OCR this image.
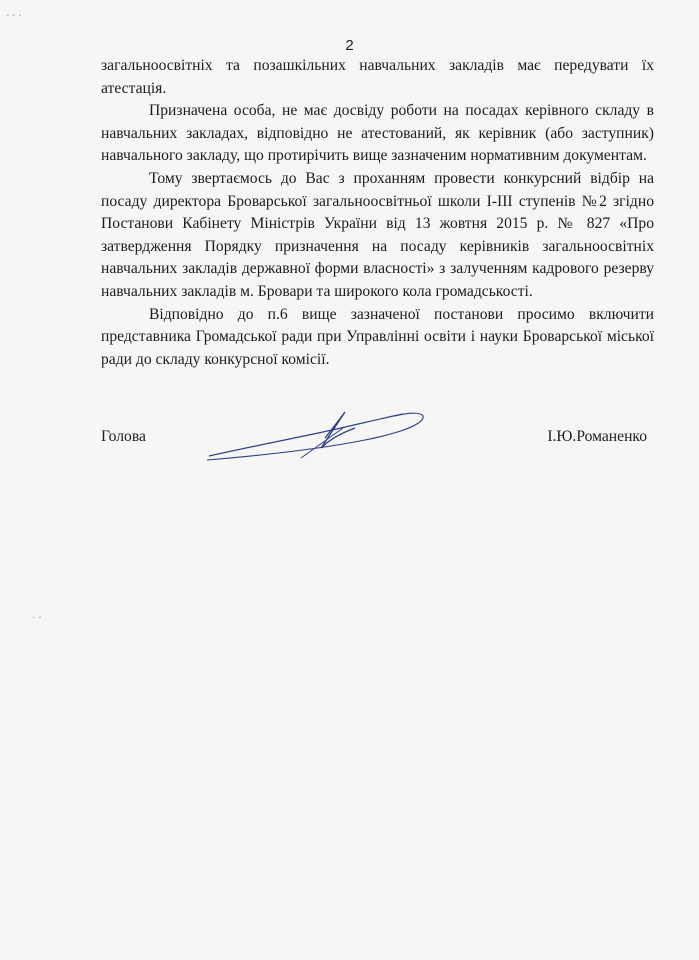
- - -
· -
2

загальноосвітніх та позашкільних навчальних закладів має передувати їх атестація.

Призначена особа, не має досвіду роботи на посадах керівного складу в навчальних закладах, відповідно не атестований, як керівник (або заступник) навчального закладу, що протирічить вище зазначеним нормативним документам.

Тому звертаємось до Вас з проханням провести конкурсний відбір на посаду директора Броварської загальноосвітньої школи І-ІІІ ступенів №2 згідно Постанови Кабінету Міністрів України від 13 жовтня 2015 р. № 827 «Про затвердження Порядку призначення на посаду керівників загальноосвітніх навчальних закладів державної форми власності» з залученням кадрового резерву навчальних закладів м. Бровари та широкого кола громадськості.

Відповідно до п.6 вище зазначеної постанови просимо включити представника Громадської ради при Управлінні освіти і науки Броварської міської ради до складу конкурсної комісії.

Голова	І.Ю.Романенко
